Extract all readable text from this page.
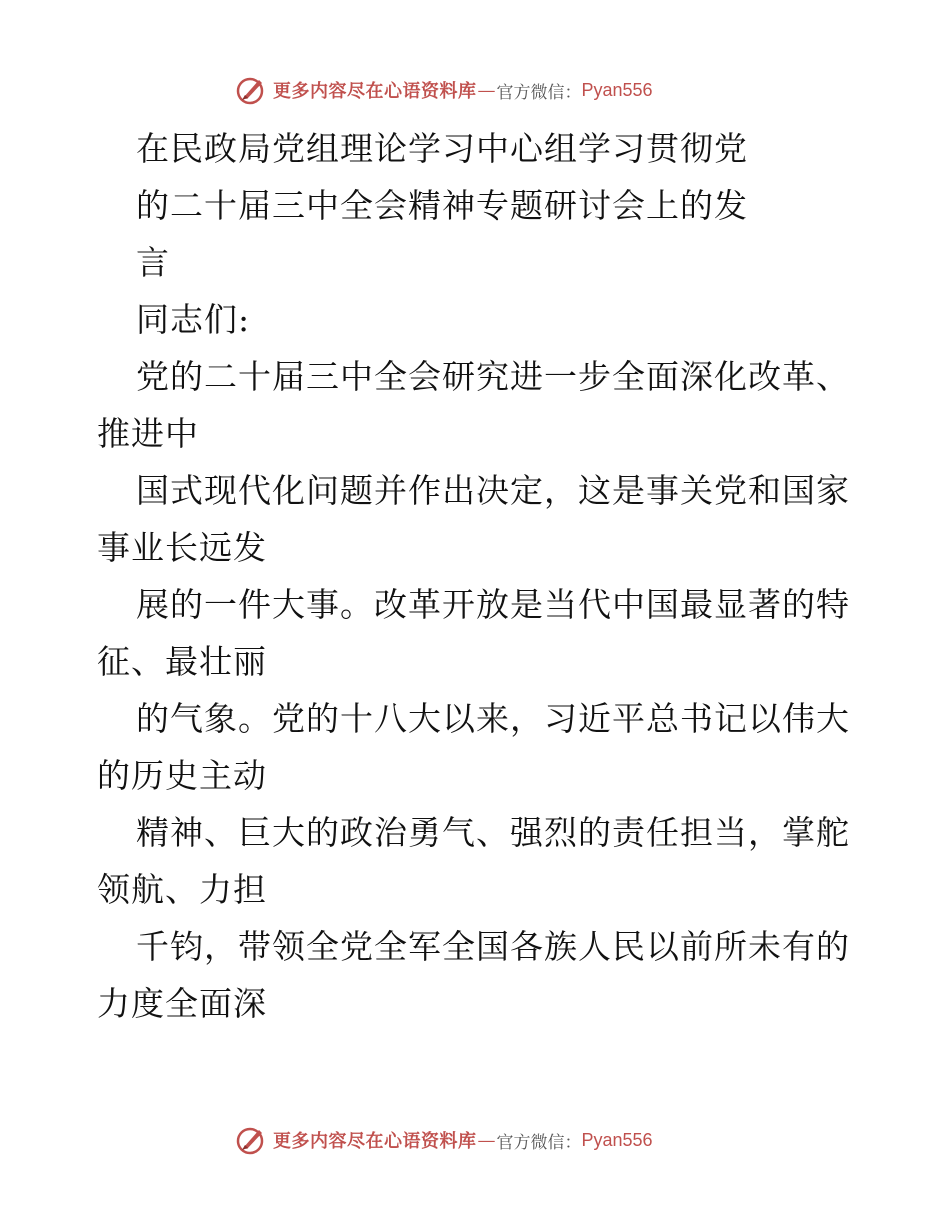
更多内容尽在心语资料库 — 官方微信： Pyan556
在民政局党组理论学习中心组学习贯彻党
的二十届三中全会精神专题研讨会上的发
言
同志们:
党的二十届三中全会研究进一步全面深化改革、
推进中
国式现代化问题并作出决定，这是事关党和国家
事业长远发
展的一件大事。改革开放是当代中国最显著的特
征、最壮丽
的气象。党的十八大以来，习近平总书记以伟大
的历史主动
精神、巨大的政治勇气、强烈的责任担当，掌舵
领航、力担
千钧，带领全党全军全国各族人民以前所未有的
力度全面深
更多内容尽在心语资料库 — 官方微信： Pyan556
